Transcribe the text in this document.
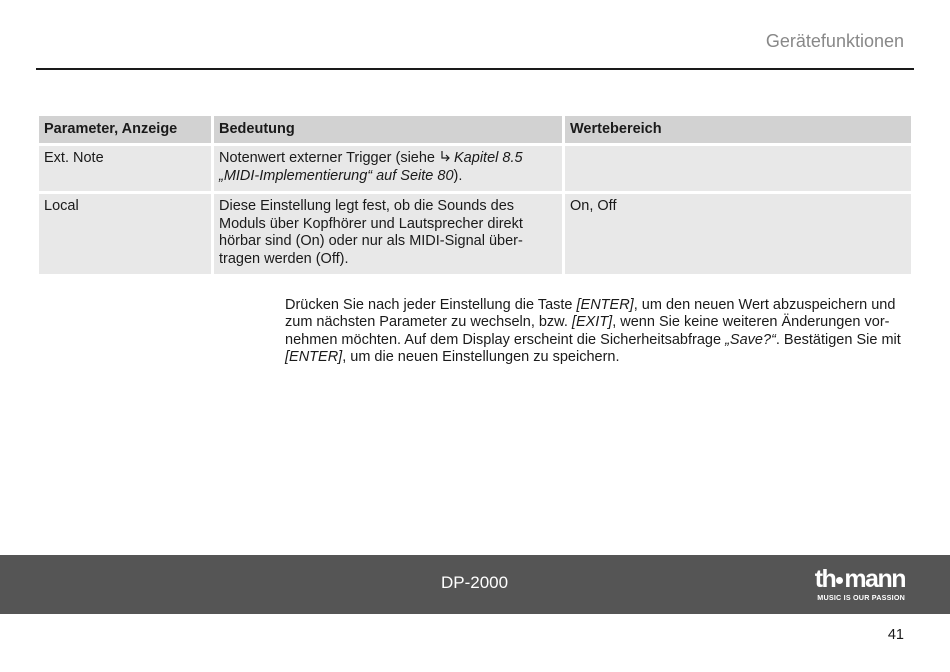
Gerätefunktionen
Parameter, Anzeige	Bedeutung	Wertebereich
Ext. Note	Notenwert externer Trigger (siehe Kapitel 8.5 „MIDI-Implementierung“ auf Seite 80).	
Local	Diese Einstellung legt fest, ob die Sounds des Moduls über Kopfhörer und Lautsprecher direkt hörbar sind (On) oder nur als MIDI-Signal übertragen werden (Off).	On, Off

Drücken Sie nach jeder Einstellung die Taste [ENTER], um den neuen Wert abzuspeichern und zum nächsten Parameter zu wechseln, bzw. [EXIT], wenn Sie keine weiteren Änderungen vornehmen möchten. Auf dem Display erscheint die Sicherheitsabfrage „Save?“. Bestätigen Sie mit [ENTER], um die neuen Einstellungen zu speichern.

DP-2000	th mann
MUSIC IS OUR PASSION
41
